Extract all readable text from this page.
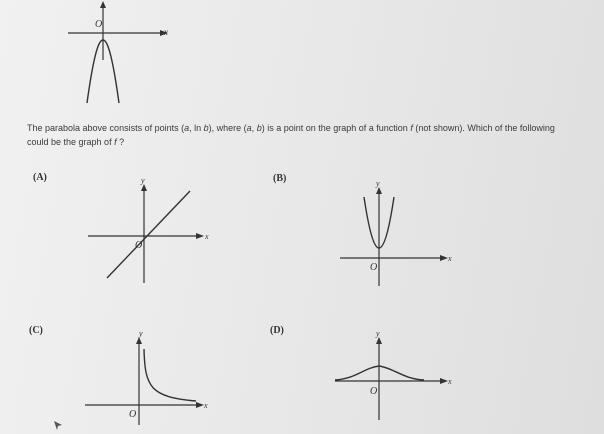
O
x

The parabola above consists of points (a, ln b), where (a, b) is a point on the graph of a function f (not shown). Which of the following could be the graph of f ?

(A)	(B)
(C)	(D)
y
x
O
y
x
O
y
x
O
y
x
O
